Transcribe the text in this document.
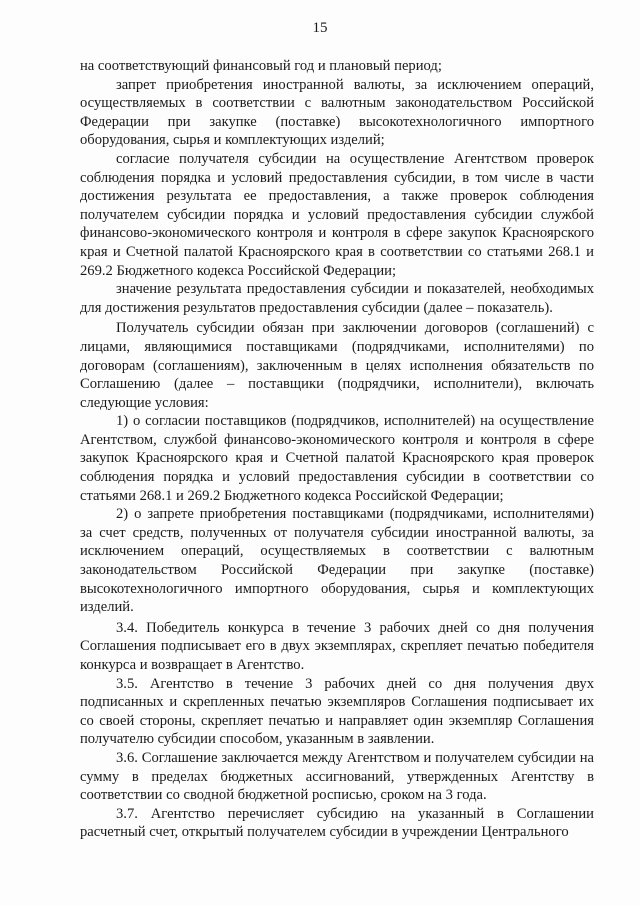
15

на соответствующий финансовый год и плановый период;

запрет приобретения иностранной валюты, за исключением операций, осуществляемых в соответствии с валютным законодательством Российской Федерации при закупке (поставке) высокотехнологичного импортного оборудования, сырья и комплектующих изделий;

согласие получателя субсидии на осуществление Агентством проверок соблюдения порядка и условий предоставления субсидии, в том числе в части достижения результата ее предоставления, а также проверок соблюдения получателем субсидии порядка и условий предоставления субсидии службой финансово-экономического контроля и контроля в сфере закупок Красноярского края и Счетной палатой Красноярского края в соответствии со статьями 268.1 и 269.2 Бюджетного кодекса Российской Федерации;

значение результата предоставления субсидии и показателей, необходимых для достижения результатов предоставления субсидии (далее – показатель).

Получатель субсидии обязан при заключении договоров (соглашений) с лицами, являющимися поставщиками (подрядчиками, исполнителями) по договорам (соглашениям), заключенным в целях исполнения обязательств по Соглашению (далее – поставщики (подрядчики, исполнители), включать следующие условия:

1) о согласии поставщиков (подрядчиков, исполнителей) на осуществление Агентством, службой финансово-экономического контроля и контроля в сфере закупок Красноярского края и Счетной палатой Красноярского края проверок соблюдения порядка и условий предоставления субсидии в соответствии со статьями 268.1 и 269.2 Бюджетного кодекса Российской Федерации;

2) о запрете приобретения поставщиками (подрядчиками, исполнителями) за счет средств, полученных от получателя субсидии иностранной валюты, за исключением операций, осуществляемых в соответствии с валютным законодательством Российской Федерации при закупке (поставке) высокотехнологичного импортного оборудования, сырья и комплектующих изделий.

3.4. Победитель конкурса в течение 3 рабочих дней со дня получения Соглашения подписывает его в двух экземплярах, скрепляет печатью победителя конкурса и возвращает в Агентство.

3.5. Агентство в течение 3 рабочих дней со дня получения двух подписанных и скрепленных печатью экземпляров Соглашения подписывает их со своей стороны, скрепляет печатью и направляет один экземпляр Соглашения получателю субсидии способом, указанным в заявлении.

3.6. Соглашение заключается между Агентством и получателем субсидии на сумму в пределах бюджетных ассигнований, утвержденных Агентству в соответствии со сводной бюджетной росписью, сроком на 3 года.

3.7. Агентство перечисляет субсидию на указанный в Соглашении расчетный счет, открытый получателем субсидии в учреждении Центрального
